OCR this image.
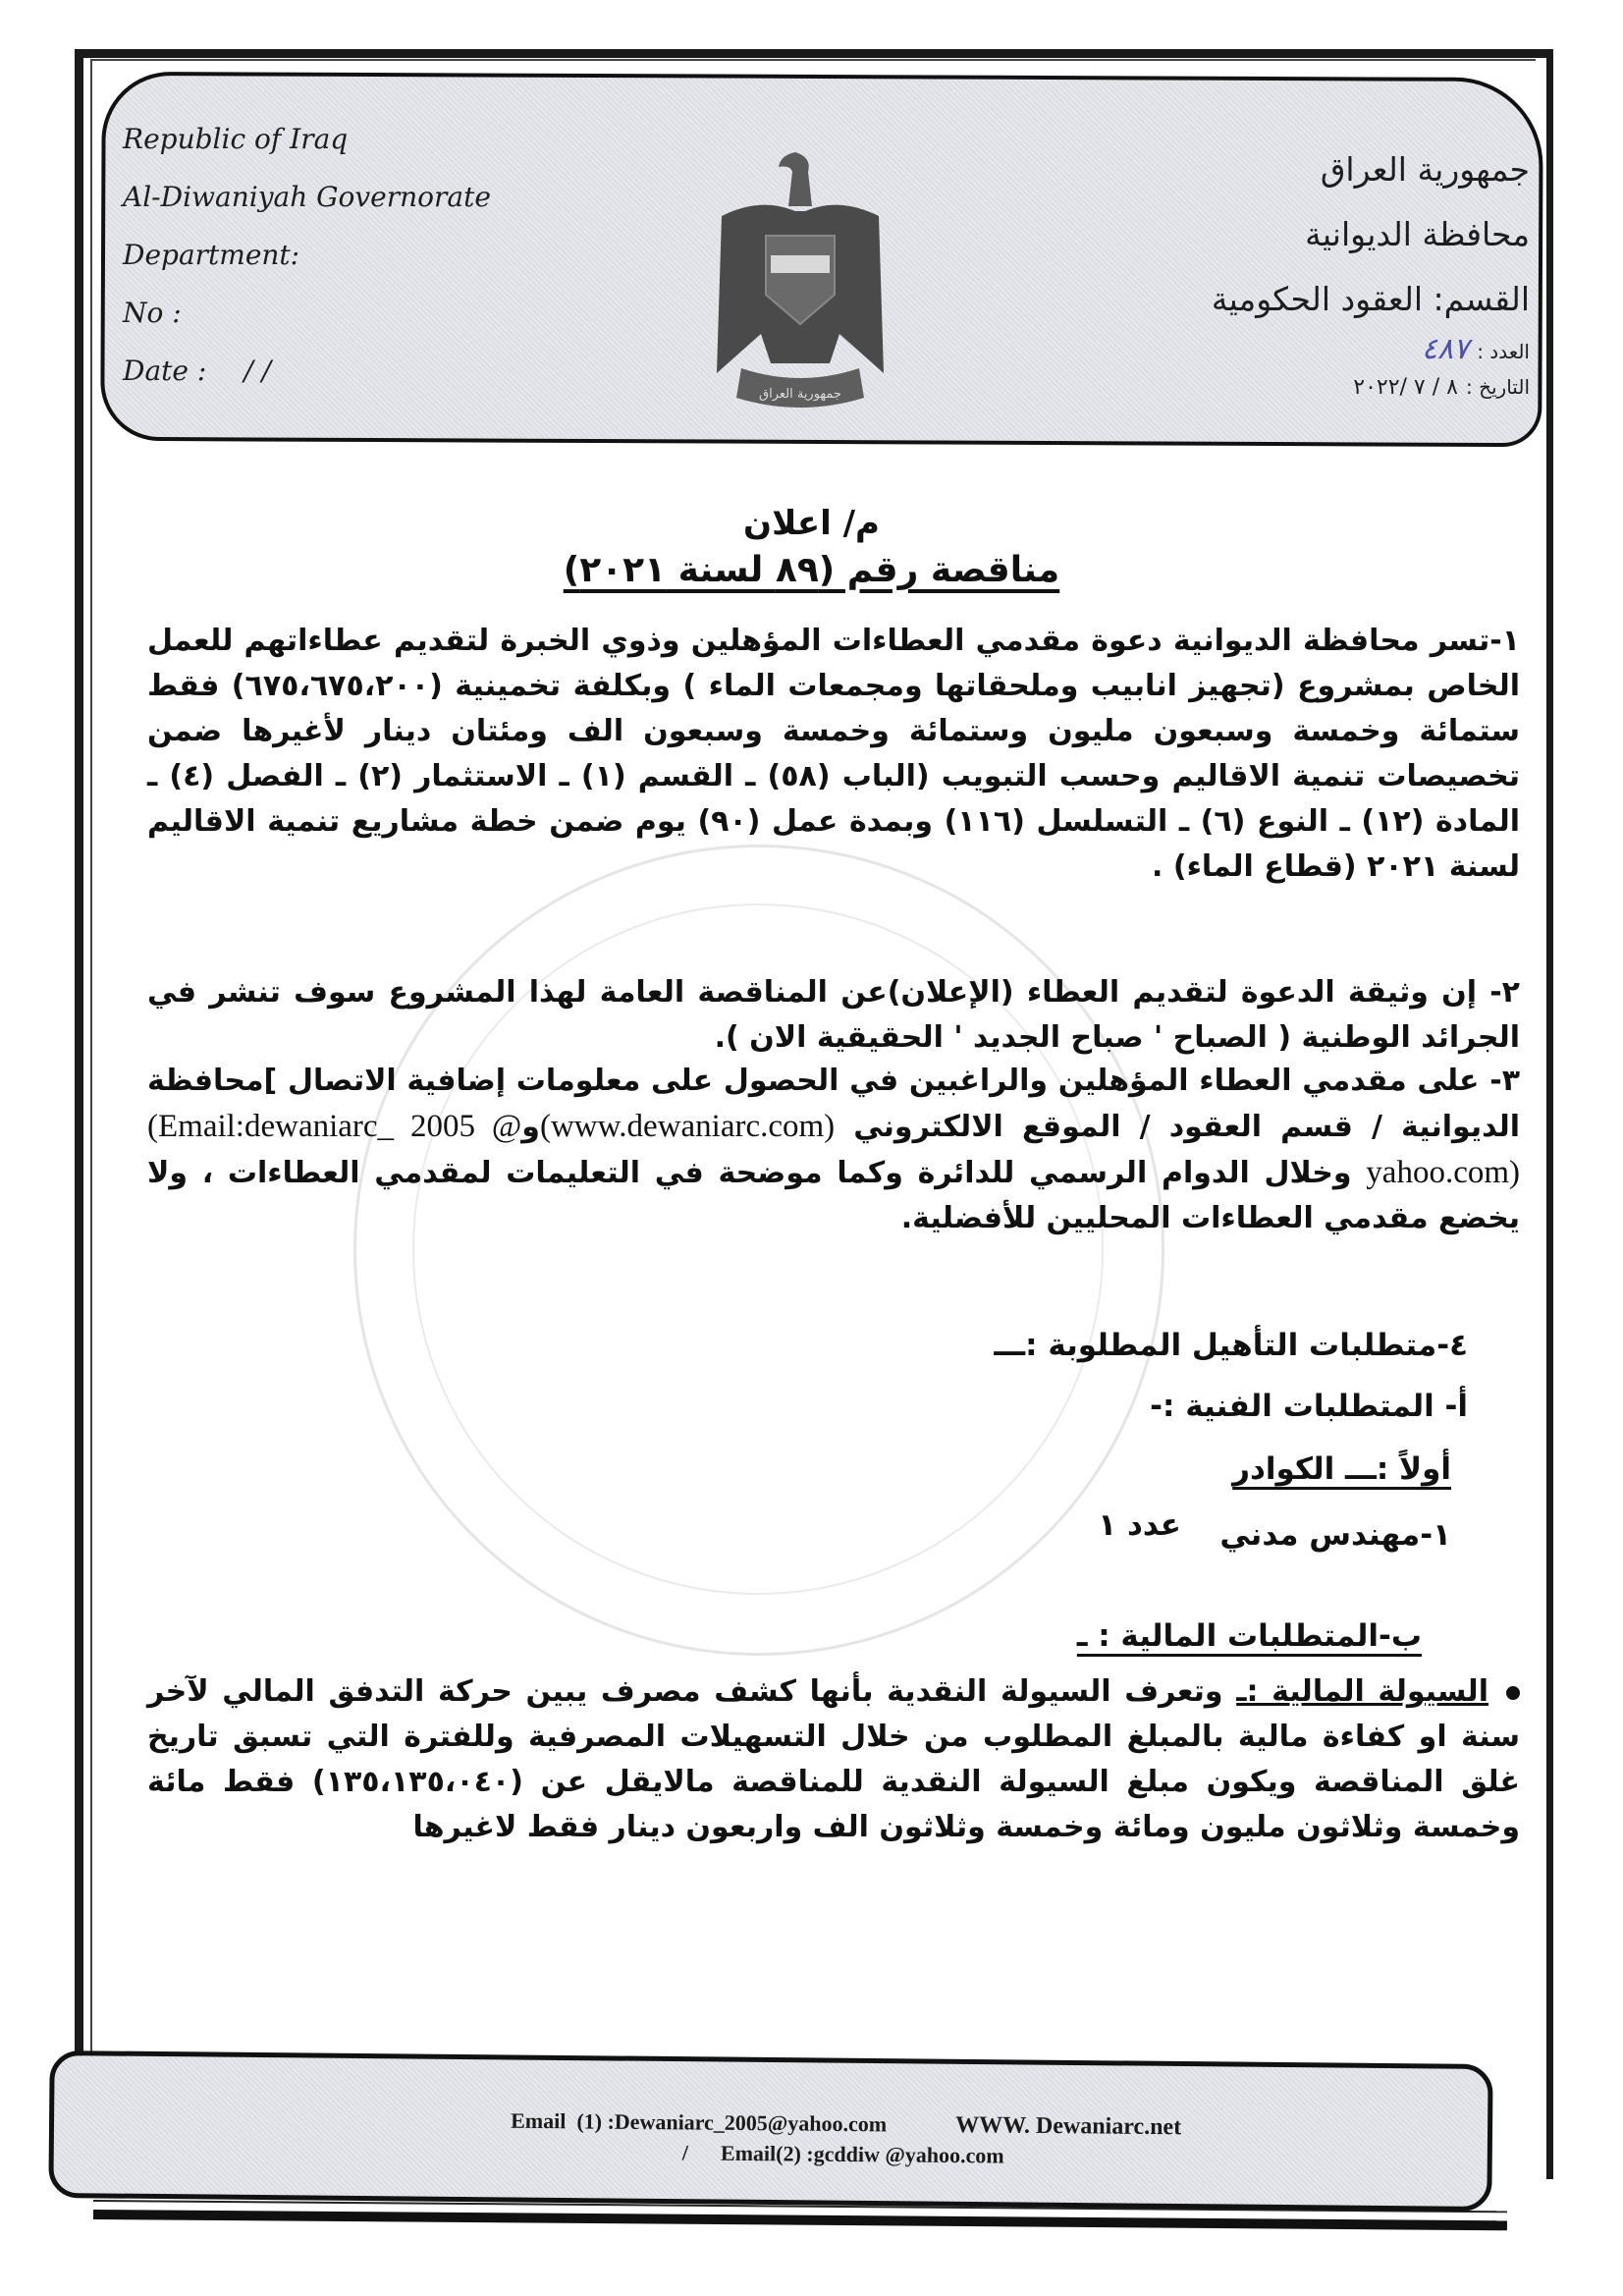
Republic of Iraq
Al-Diwaniyah Governorate
Department:
No :
Date : / /
جمهورية العراق
جمهورية العراق
محافظة الديوانية
القسم: العقود الحكومية
العدد :٤٨٧
التاريخ :٨ / ٧ /٢٠٢٢
م/ اعلان
مناقصة رقم (٨٩ لسنة ٢٠٢١)
١-تسر محافظة الديوانية دعوة مقدمي العطاءات المؤهلين وذوي الخبرة لتقديم عطاءاتهم للعمل الخاص بمشروع (تجهيز انابيب وملحقاتها ومجمعات الماء ) وبكلفة تخمينية (٦٧٥،٦٧٥،٢٠٠) فقط ستمائة وخمسة وسبعون مليون وستمائة وخمسة وسبعون الف ومئتان دينار لأغيرها ضمن تخصيصات تنمية الاقاليم وحسب التبويب (الباب (٥٨) ـ القسم (١) ـ الاستثمار (٢) ـ الفصل (٤) ـ المادة (١٢) ـ النوع (٦) ـ التسلسل (١١٦) وبمدة عمل (٩٠) يوم ضمن خطة مشاريع تنمية الاقاليم لسنة ٢٠٢١ (قطاع الماء) .
٢- إن وثيقة الدعوة لتقديم العطاء (الإعلان)عن المناقصة العامة لهذا المشروع سوف تنشر في الجرائد الوطنية ( الصباح ' صباح الجديد ' الحقيقية الان ).
٣- على مقدمي العطاء المؤهلين والراغبين في الحصول على معلومات إضافية الاتصال ]محافظة الديوانية / قسم العقود / الموقع الالكتروني (www.dewaniarc.com)و(Email:dewaniarc_ 2005 @ yahoo.com) وخلال الدوام الرسمي للدائرة وكما موضحة في التعليمات لمقدمي العطاءات ، ولا يخضع مقدمي العطاءات المحليين للأفضلية.
٤-متطلبات التأهيل المطلوبة :ـــ
أ- المتطلبات الفنية :-
أولاً :ـــ الكوادر
١-مهندس مدني
عدد ١
ب-المتطلبات المالية : ـ
السيولة المالية :ـ وتعرف السيولة النقدية بأنها كشف مصرف يبين حركة التدفق المالي لآخر سنة او كفاءة مالية بالمبلغ المطلوب من خلال التسهيلات المصرفية وللفترة التي تسبق تاريخ غلق المناقصة ويكون مبلغ السيولة النقدية للمناقصة مالايقل عن (١٣٥،١٣٥،٠٤٠) فقط مائة وخمسة وثلاثون مليون ومائة وخمسة وثلاثون الف واربعون دينار فقط لاغيرها
Email  (1) :Dewaniarc_2005@yahoo.com	WWW. Dewaniarc.net
/ Email(2) :gcddiw @yahoo.com
